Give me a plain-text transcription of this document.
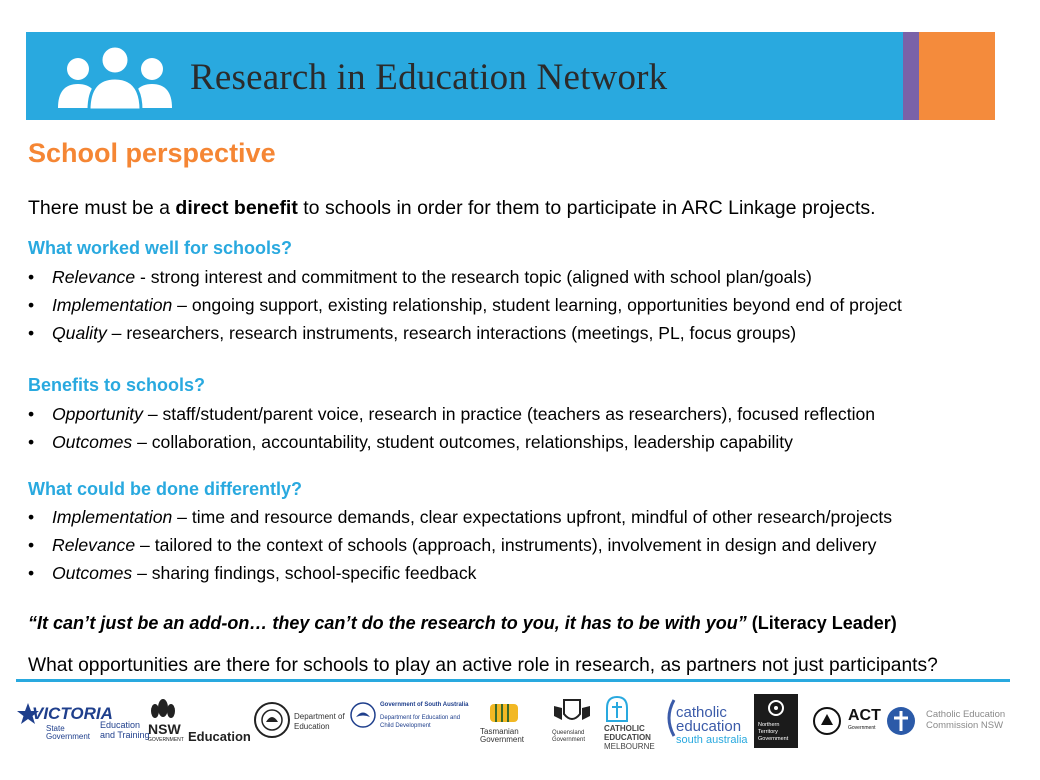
Research in Education Network
School perspective
There must be a direct benefit to schools in order for them to participate in ARC Linkage projects.
What worked well for schools?
• Relevance - strong interest and commitment to the research topic (aligned with school plan/goals)
• Implementation – ongoing support, existing relationship, student learning, opportunities beyond end of project
• Quality – researchers, research instruments, research interactions (meetings, PL, focus groups)
Benefits to schools?
• Opportunity – staff/student/parent voice, research in practice (teachers as researchers), focused reflection
• Outcomes – collaboration, accountability, student outcomes, relationships, leadership capability
What could be done differently?
• Implementation – time and resource demands, clear expectations upfront, mindful of other research/projects
• Relevance – tailored to the context of schools (approach, instruments), involvement in design and delivery
• Outcomes – sharing findings, school-specific feedback
“It can’t just be an add-on… they can’t do the research to you, it has to be with you” (Literacy Leader)
What opportunities are there for schools to play an active role in research, as partners not just participants?
VICTORIA
State
Government
Education
and Training
NSW
GOVERNMENT Education
Department of
Education
Government of South Australia
Department for Education and
Child Development
Tasmanian
Government
Queensland
Government
CATHOLIC
EDUCATION
MELBOURNE
catholic
education
south australia
Northern
Territory
Government
ACT
Government
Catholic Education
Commission NSW
